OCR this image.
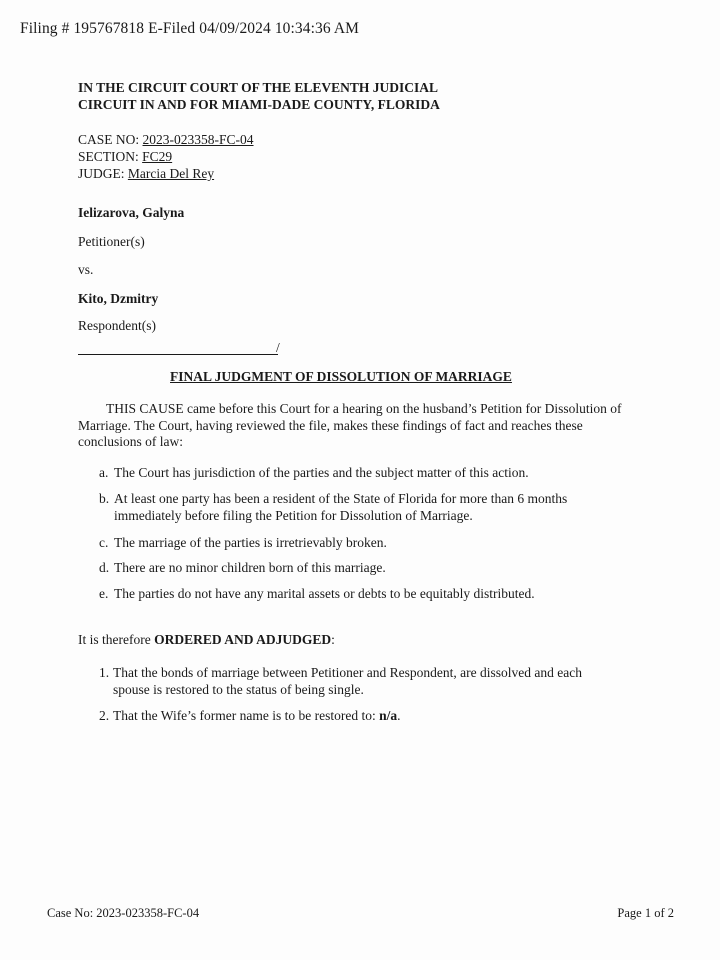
Filing # 195767818 E-Filed 04/09/2024 10:34:36 AM
IN THE CIRCUIT COURT OF THE ELEVENTH JUDICIAL
CIRCUIT IN AND FOR MIAMI-DADE COUNTY, FLORIDA
CASE NO: 2023-023358-FC-04
SECTION: FC29
JUDGE: Marcia Del Rey
Ielizarova, Galyna
Petitioner(s)
vs.
Kito, Dzmitry
Respondent(s)
/
FINAL JUDGMENT OF DISSOLUTION OF MARRIAGE
THIS CAUSE came before this Court for a hearing on the husband’s Petition for Dissolution of Marriage. The Court, having reviewed the file, makes these findings of fact and reaches these conclusions of law:
a. The Court has jurisdiction of the parties and the subject matter of this action.
b. At least one party has been a resident of the State of Florida for more than 6 months immediately before filing the Petition for Dissolution of Marriage.
c. The marriage of the parties is irretrievably broken.
d. There are no minor children born of this marriage.
e. The parties do not have any marital assets or debts to be equitably distributed.
It is therefore ORDERED AND ADJUDGED:
1. That the bonds of marriage between Petitioner and Respondent, are dissolved and each spouse is restored to the status of being single.
2. That the Wife’s former name is to be restored to: n/a.
Case No: 2023-023358-FC-04	Page 1 of 2
